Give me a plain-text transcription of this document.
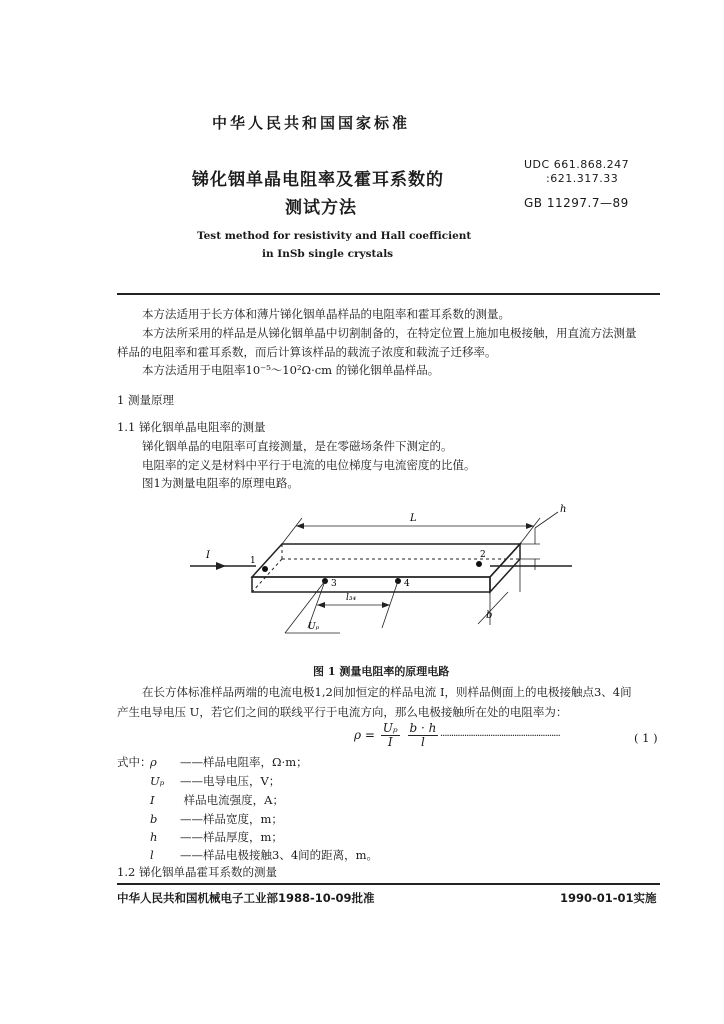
中华人民共和国国家标准
锑化铟单晶电阻率及霍耳系数的
测试方法
UDC 661.868.247
:621.317.33
GB 11297.7—89
Test method for resistivity and Hall coefficient
in InSb single crystals
本方法适用于长方体和薄片锑化铟单晶样品的电阻率和霍耳系数的测量。
本方法所采用的样品是从锑化铟单晶中切割制备的，在特定位置上施加电极接触，用直流方法测量
样品的电阻率和霍耳系数，而后计算该样品的载流子浓度和载流子迁移率。
本方法适用于电阻率10⁻⁵～10²Ω·cm 的锑化铟单晶样品。
1 测量原理
1.1 锑化铟单晶电阻率的测量
锑化铟单晶的电阻率可直接测量，是在零磁场条件下测定的。
电阻率的定义是材料中平行于电流的电位梯度与电流密度的比值。
图1为测量电阻率的原理电路。
1
2
3	4
I
L
h
b
l₃₄
Uₚ
图 1 测量电阻率的原理电路
在长方体标准样品两端的电流电极1,2间加恒定的样品电流 I，则样品侧面上的电极接触点3、4间
产生电导电压 U，若它们之间的联线平行于电流方向，那么电极接触所在处的电阻率为：
$\rho = \frac{\text{Uₚ}}{I}$
$\frac{b \cdot h}{l}$ ·······················································	( 1 )
式中：
ρ ——样品电阻率，Ω·m；
Uₚ ——电导电压，V；
I 样品电流强度，A；
b ——样品宽度，m；
h ——样品厚度，m；
l ——样品电极接触3、4间的距离，m。
1.2 锑化铟单晶霍耳系数的测量
中华人民共和国机械电子工业部1988-10-09批准	1990-01-01实施
